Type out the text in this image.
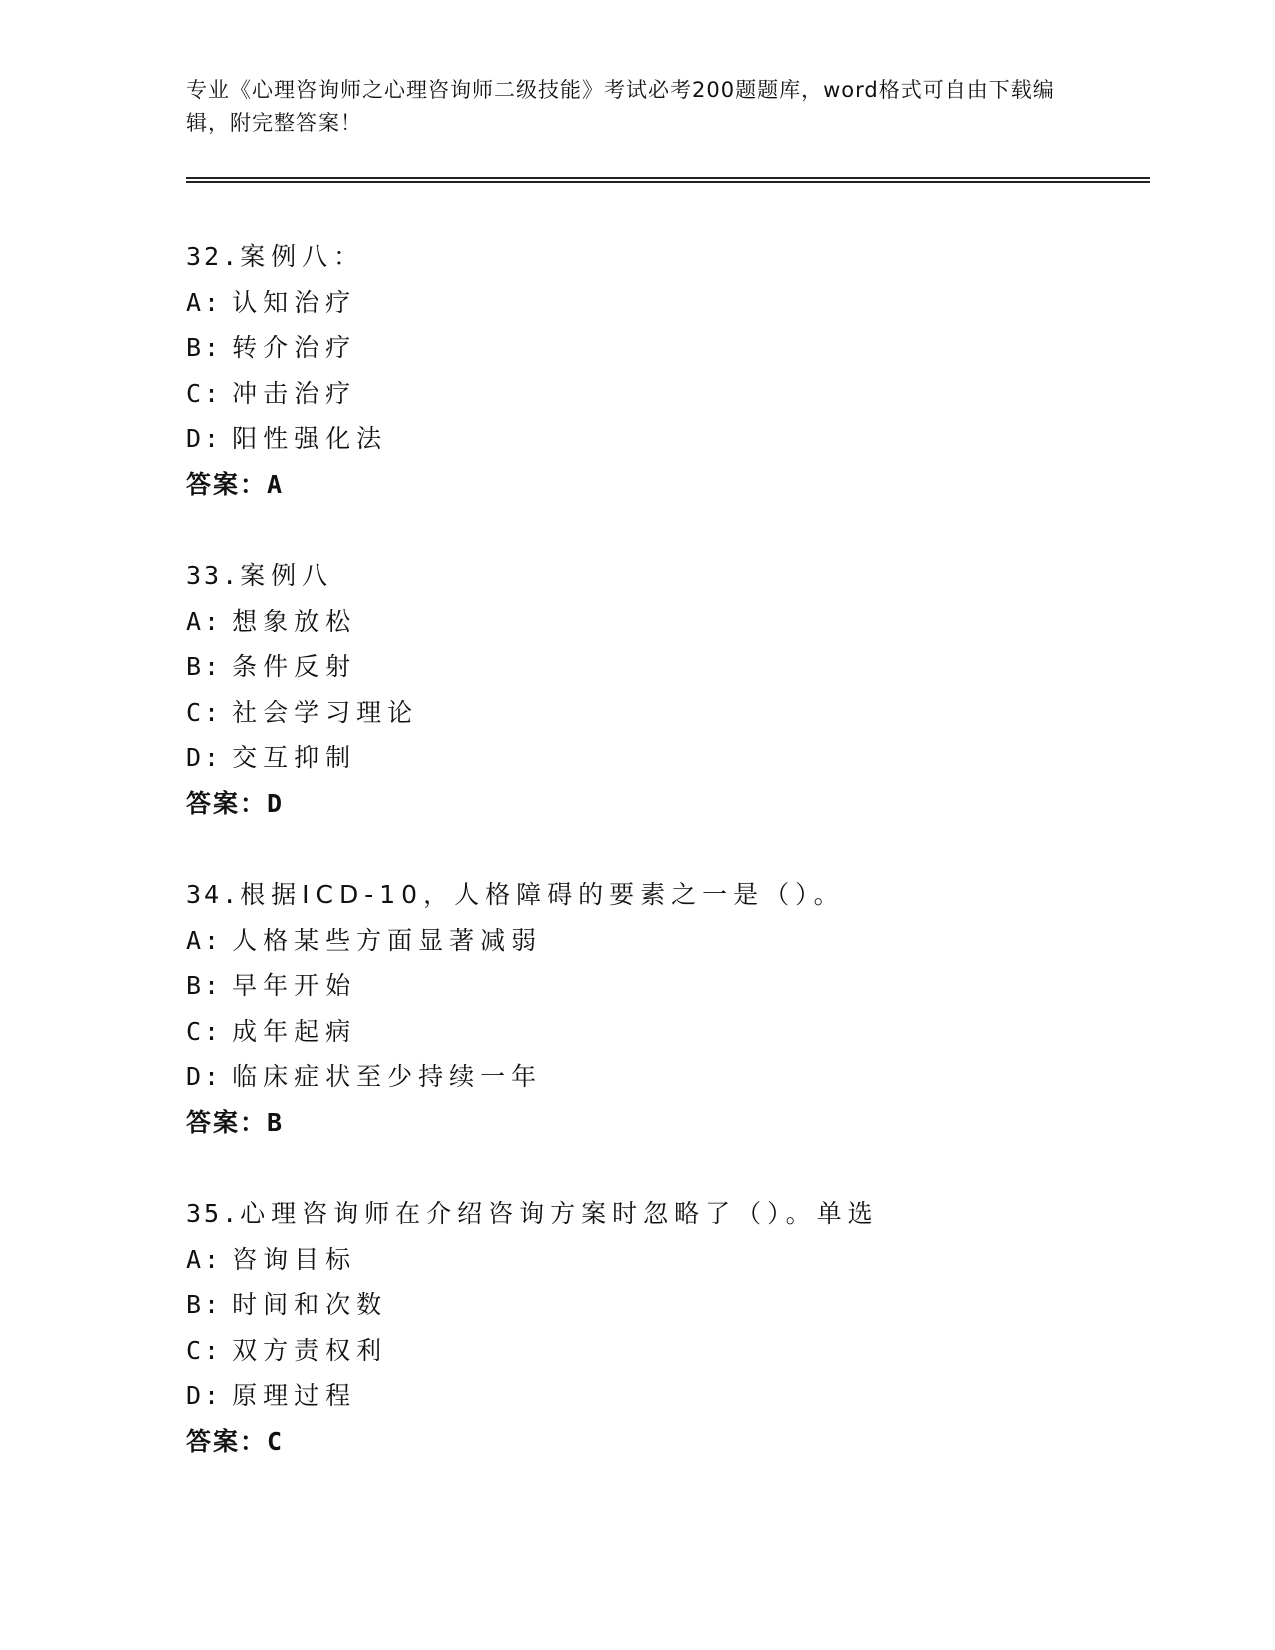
专业《心理咨询师之心理咨询师二级技能》考试必考200题题库，word格式可自由下载编辑，附完整答案！
32.案例八：
A: 认知治疗
B: 转介治疗
C: 冲击治疗
D: 阳性强化法
答案：A
33.案例八
A: 想象放松
B: 条件反射
C: 社会学习理论
D: 交互抑制
答案：D
34.根据ICD-10，人格障碍的要素之一是（）。
A: 人格某些方面显著减弱
B: 早年开始
C: 成年起病
D: 临床症状至少持续一年
答案：B
35.心理咨询师在介绍咨询方案时忽略了（）。单选
A: 咨询目标
B: 时间和次数
C: 双方责权利
D: 原理过程
答案：C
